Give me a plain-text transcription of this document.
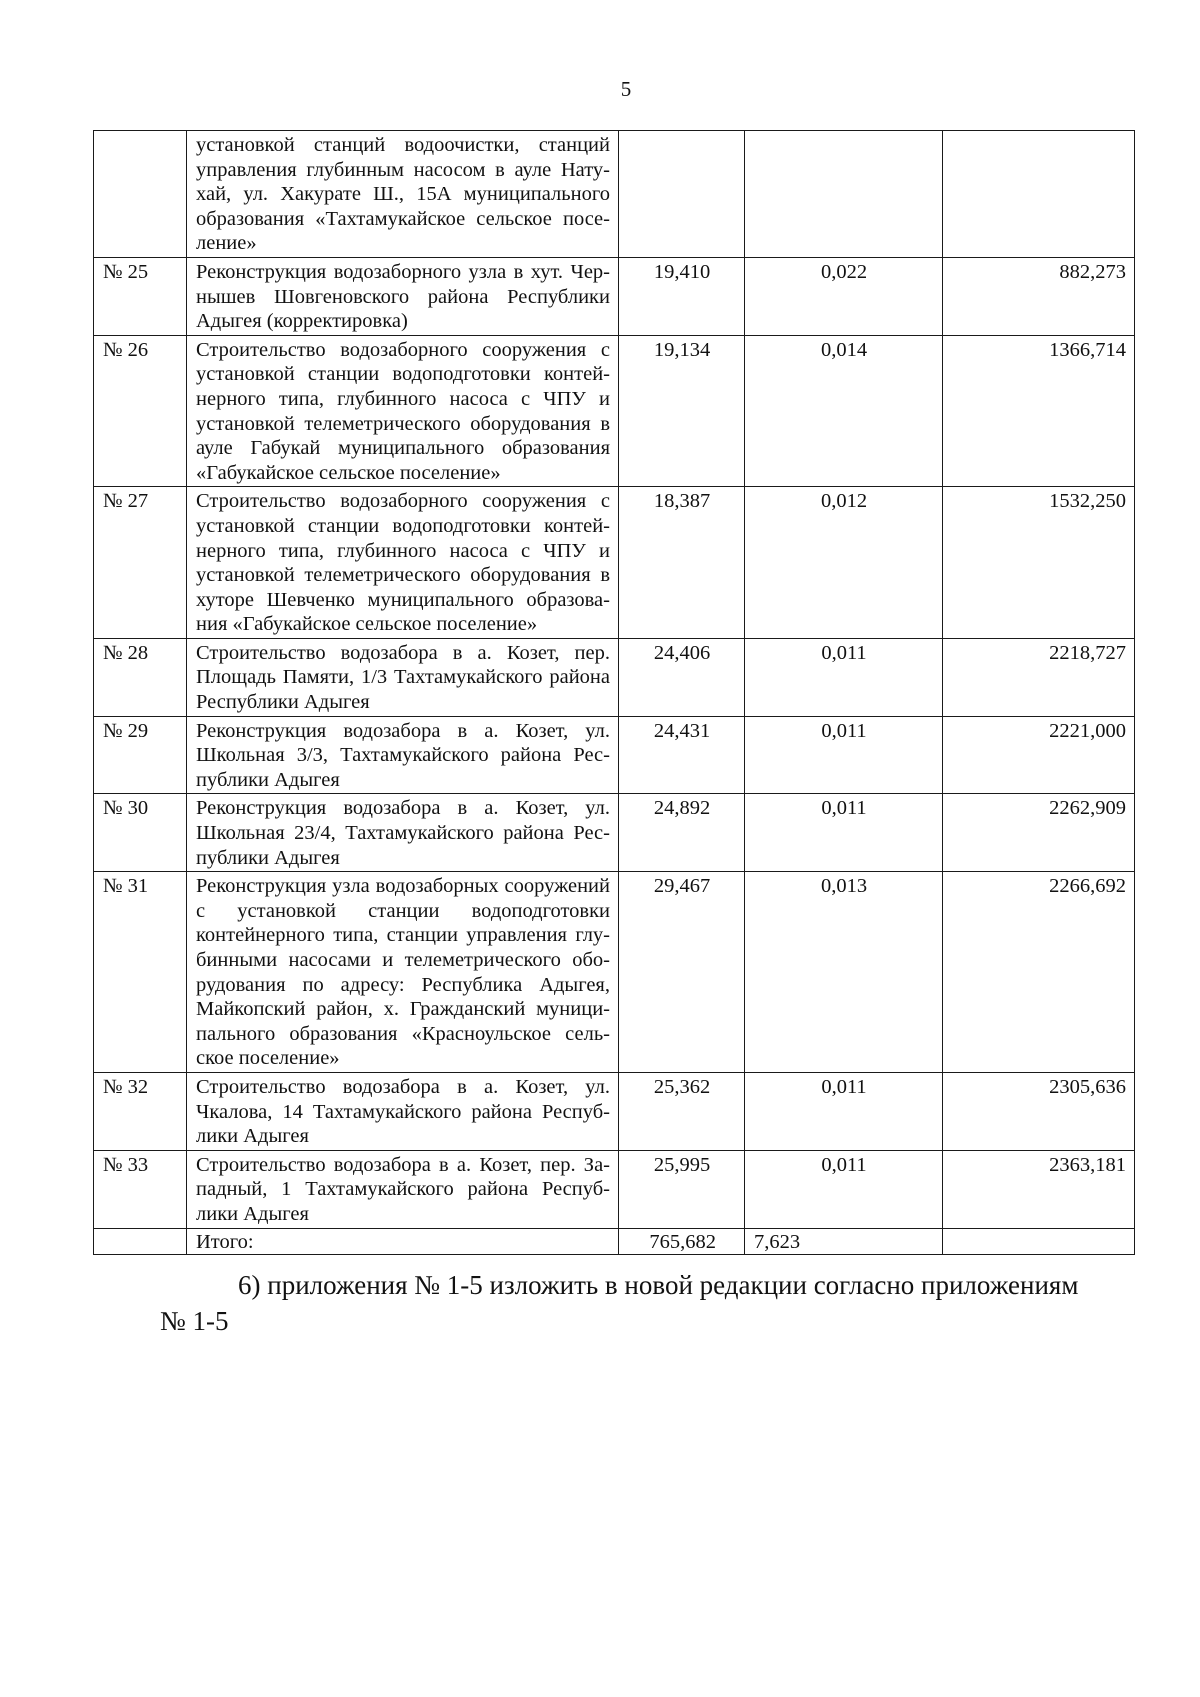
5
	установкой станций водоочистки, станций управления глубинным насосом в ауле Натухай, ул. Хакурате Ш., 15А муниципального образования «Тахтамукайское сельское поселение»			
№ 25	Реконструкция водозаборного узла в хут. Чернышев Шовгеновского района Республики Адыгея (корректировка)	19,410	0,022	882,273
№ 26	Строительство водозаборного сооружения с установкой станции водоподготовки контейнерного типа, глубинного насоса с ЧПУ и установкой телеметрического оборудования в ауле Габукай муниципального образования «Габукайское сельское поселение»	19,134	0,014	1366,714
№ 27	Строительство водозаборного сооружения с установкой станции водоподготовки контейнерного типа, глубинного насоса с ЧПУ и установкой телеметрического оборудования в хуторе Шевченко муниципального образования «Габукайское сельское поселение»	18,387	0,012	1532,250
№ 28	Строительство водозабора в а. Козет, пер. Площадь Памяти, 1/3 Тахтамукайского района Республики Адыгея	24,406	0,011	2218,727
№ 29	Реконструкция водозабора в а. Козет, ул. Школьная 3/3, Тахтамукайского района Республики Адыгея	24,431	0,011	2221,000
№ 30	Реконструкция водозабора в а. Козет, ул. Школьная 23/4, Тахтамукайского района Республики Адыгея	24,892	0,011	2262,909
№ 31	Реконструкция узла водозаборных сооружений с установкой станции водоподготовки контейнерного типа, станции управления глубинными насосами и телеметрического оборудования по адресу: Республика Адыгея, Майкопский район, х. Гражданский муниципального образования «Красноульское сельское поселение»	29,467	0,013	2266,692
№ 32	Строительство водозабора в а. Козет, ул. Чкалова, 14 Тахтамукайского района Республики Адыгея	25,362	0,011	2305,636
№ 33	Строительство водозабора в а. Козет, пер. Западный, 1 Тахтамукайского района Республики Адыгея	25,995	0,011	2363,181
	Итого:	765,682	7,623	
6) приложения № 1-5 изложить в новой редакции согласно приложениям № 1-5
